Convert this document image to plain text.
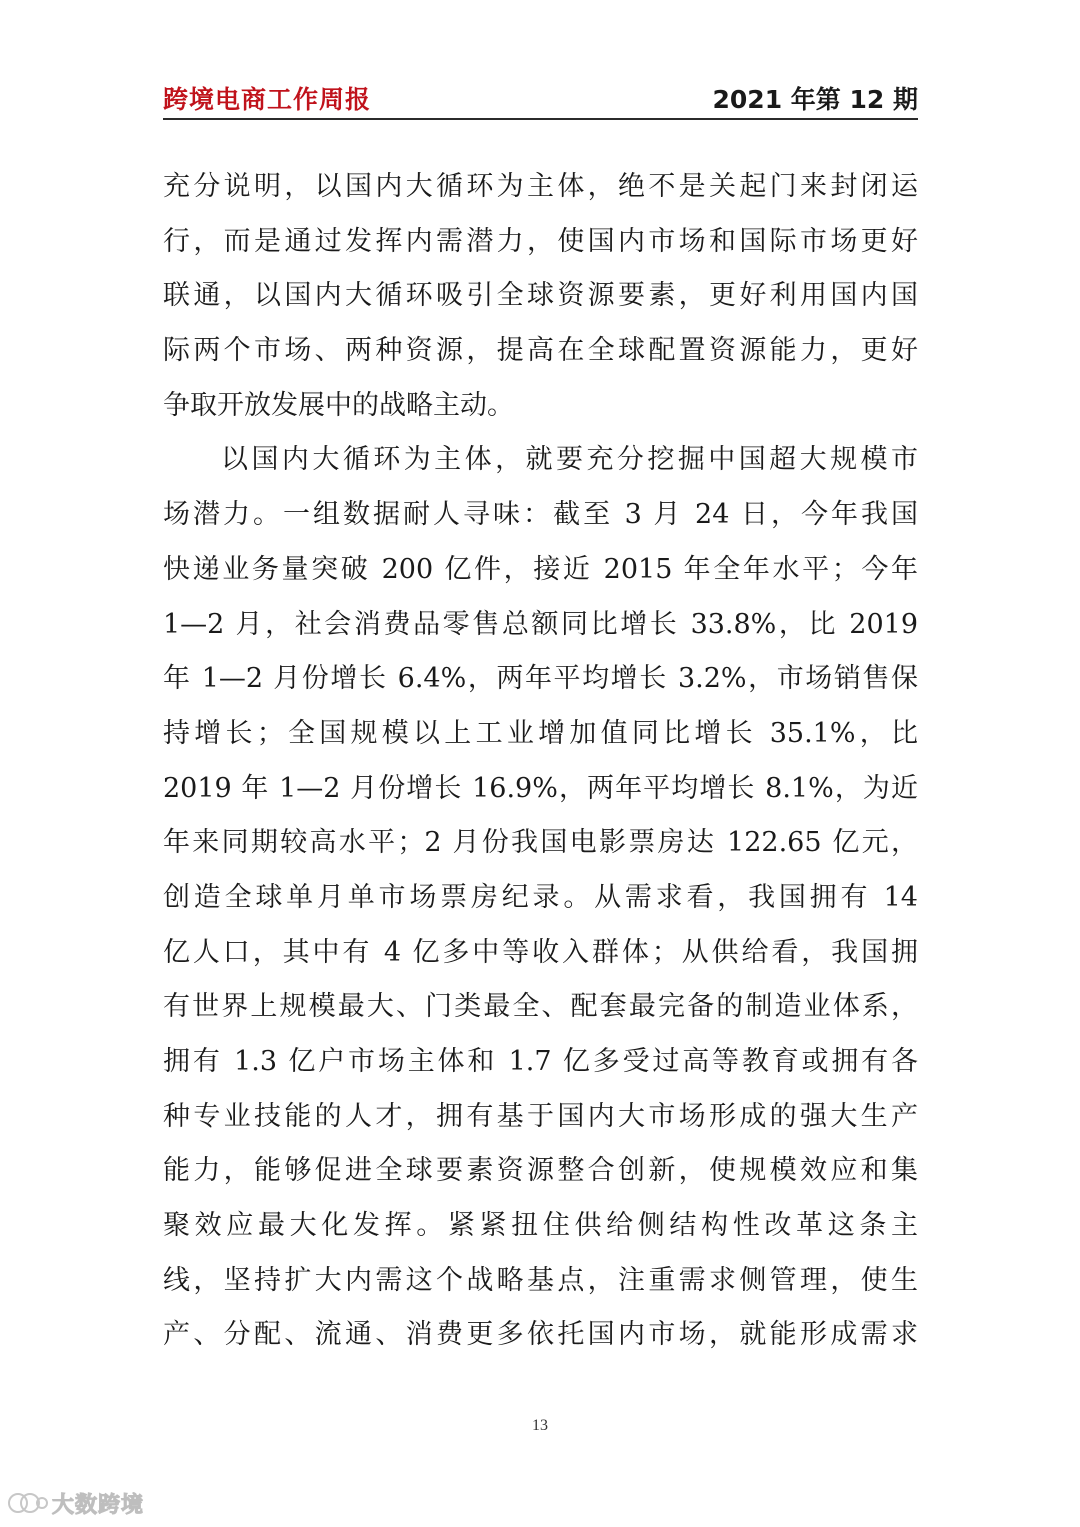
跨境电商工作周报	2021 年第 12 期
充分说明，以国内大循环为主体，绝不是关起门来封闭运
行，而是通过发挥内需潜力，使国内市场和国际市场更好
联通，以国内大循环吸引全球资源要素，更好利用国内国
际两个市场、两种资源，提高在全球配置资源能力，更好
争取开放发展中的战略主动。
以国内大循环为主体，就要充分挖掘中国超大规模市
场潜力。一组数据耐人寻味：截至 3 月 24 日，今年我国
快递业务量突破 200 亿件，接近 2015 年全年水平；今年
1—2 月，社会消费品零售总额同比增长 33.8%，比 2019
年 1—2 月份增长 6.4%，两年平均增长 3.2%，市场销售保
持增长；全国规模以上工业增加值同比增长 35.1%，比
2019 年 1—2 月份增长 16.9%，两年平均增长 8.1%，为近
年来同期较高水平；2 月份我国电影票房达 122.65 亿元，
创造全球单月单市场票房纪录。从需求看，我国拥有 14
亿人口，其中有 4 亿多中等收入群体；从供给看，我国拥
有世界上规模最大、门类最全、配套最完备的制造业体系，
拥有 1.3 亿户市场主体和 1.7 亿多受过高等教育或拥有各
种专业技能的人才，拥有基于国内大市场形成的强大生产
能力，能够促进全球要素资源整合创新，使规模效应和集
聚效应最大化发挥。紧紧扭住供给侧结构性改革这条主
线，坚持扩大内需这个战略基点，注重需求侧管理，使生
产、分配、流通、消费更多依托国内市场，就能形成需求
13
大数跨境
